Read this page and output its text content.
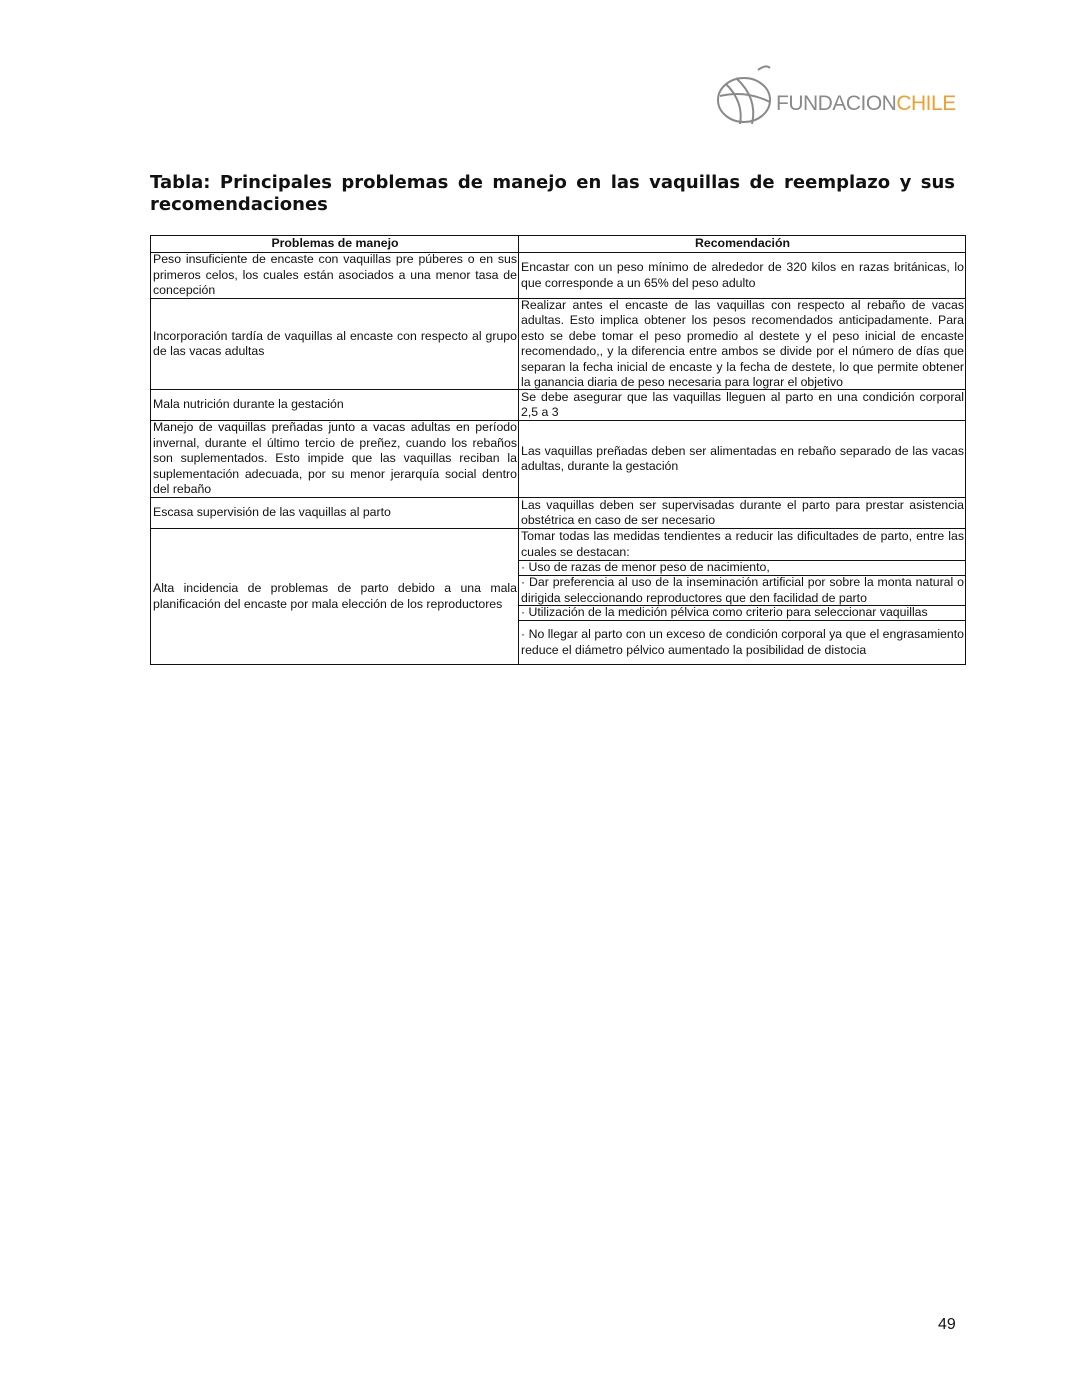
FUNDACIONCHILE
Tabla: Principales problemas de manejo en las vaquillas de reemplazo y sus
recomendaciones
Problemas de manejo	Recomendación
Peso insuficiente de encaste con vaquillas pre púberes o en sus primeros celos, los cuales están asociados a una menor tasa de concepción
Encastar con un peso mínimo de alrededor de 320 kilos en razas británicas, lo que corresponde a un 65% del peso adulto
Incorporación tardía de vaquillas al encaste con respecto al grupo de las vacas adultas
Realizar antes el encaste de las vaquillas con respecto al rebaño de vacas adultas. Esto implica obtener los pesos recomendados anticipadamente. Para esto se debe tomar el peso promedio al destete y el peso inicial de encaste recomendado,, y la diferencia entre ambos se divide por el número de días que separan la fecha inicial de encaste y la fecha de destete, lo que permite obtener la ganancia diaria de peso necesaria para lograr el objetivo
Mala nutrición durante la gestación
Se debe asegurar que las vaquillas lleguen al parto en una condición corporal 2,5 a 3
Manejo de vaquillas preñadas junto a vacas adultas en período invernal, durante el último tercio de preñez, cuando los rebaños son suplementados. Esto impide que las vaquillas reciban la suplementación adecuada, por su menor jerarquía social dentro del rebaño
Las vaquillas preñadas deben ser alimentadas en rebaño separado de las vacas adultas, durante la gestación
Escasa supervisión de las vaquillas al parto
Las vaquillas deben ser supervisadas durante el parto para prestar asistencia obstétrica en caso de ser necesario
Alta incidencia de problemas de parto debido a una mala planificación del encaste por mala elección de los reproductores
Tomar todas las medidas tendientes a reducir las dificultades de parto, entre las cuales se destacan:
· Uso de razas de menor peso de nacimiento,
· Dar preferencia al uso de la inseminación artificial por sobre la monta natural o dirigida seleccionando reproductores que den facilidad de parto
· Utilización de la medición pélvica como criterio para seleccionar vaquillas
· No llegar al parto con un exceso de condición corporal ya que el engrasamiento reduce el diámetro pélvico aumentado la posibilidad de distocia
49
